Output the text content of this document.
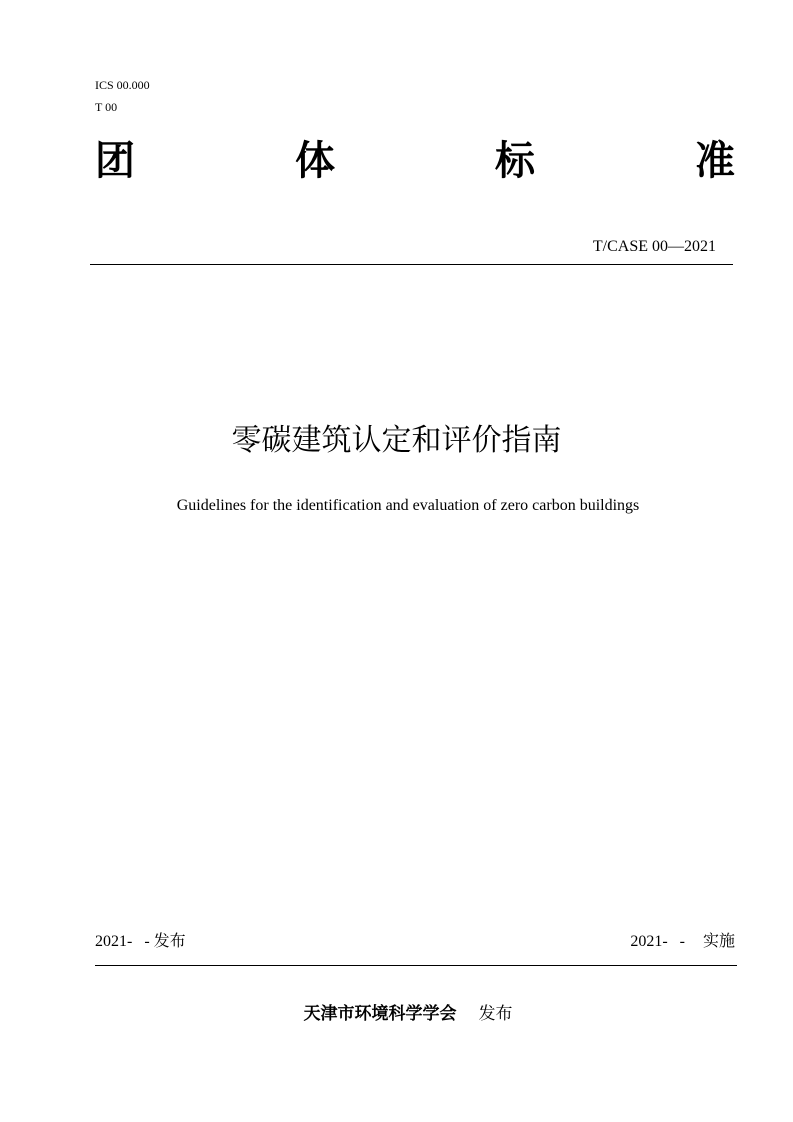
ICS 00.000
T 00
团	体	标	准
T/CASE 00—2021
零碳建筑认定和评价指南
Guidelines for the identification and evaluation of zero carbon buildings
2021-   - 发布	2021-   - 实施
天津市环境科学学会 发布
